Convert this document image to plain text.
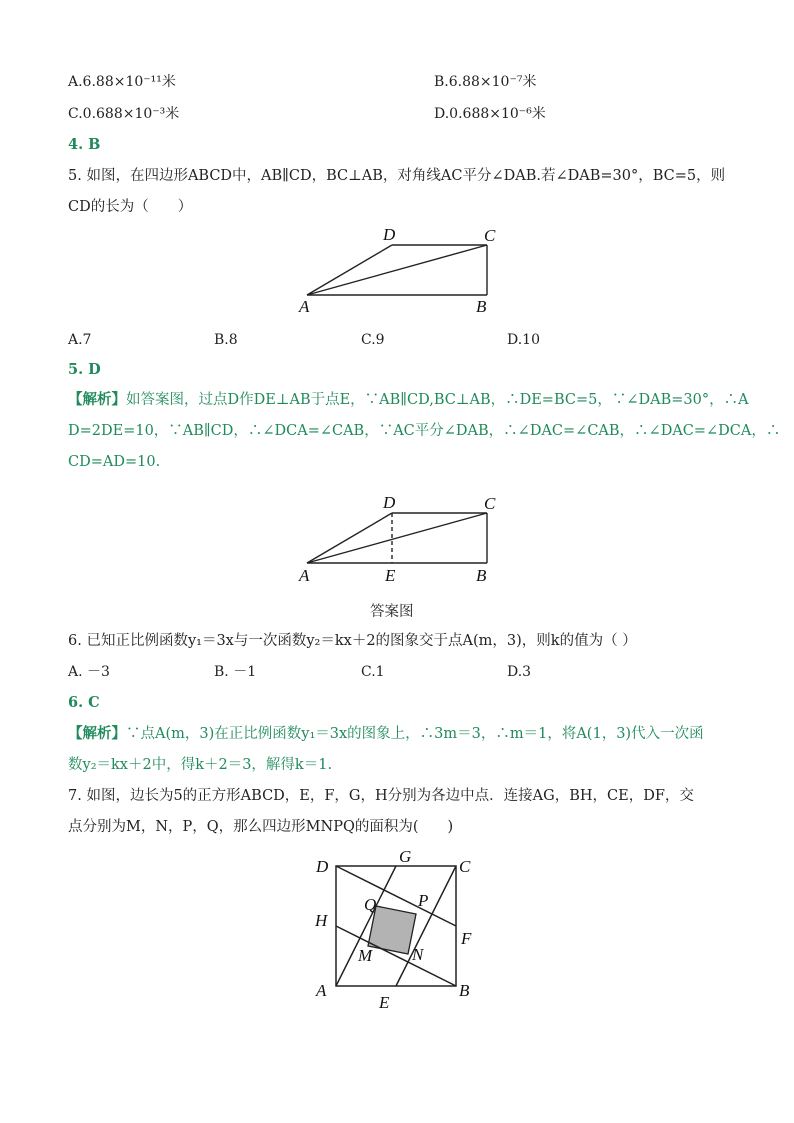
A.6.88×10⁻¹¹米	B.6.88×10⁻⁷米
C.0.688×10⁻³米	D.0.688×10⁻⁶米
4. B
5. 如图，在四边形ABCD中，AB∥CD，BC⊥AB，对角线AC平分∠DAB.若∠DAB=30°，BC=5，则
CD的长为（　　）
A	B
C
D
A.7	B.8	C.9	D.10
5. D
【解析】如答案图，过点D作DE⊥AB于点E，∵AB∥CD,BC⊥AB，∴DE=BC=5，∵∠DAB=30°，∴A
D=2DE=10，∵AB∥CD，∴∠DCA=∠CAB，∵AC平分∠DAB，∴∠DAC=∠CAB，∴∠DAC=∠DCA，∴
CD=AD=10.
A	E	B
C
D
答案图
6. 已知正比例函数y₁＝3x与一次函数y₂＝kx＋2的图象交于点A(m，3)，则k的值为（ ）
A. －3	B. －1	C.1	D.3
6. C
【解析】∵点A(m，3)在正比例函数y₁＝3x的图象上，∴3m＝3，∴m＝1，将A(1，3)代入一次函
数y₂＝kx＋2中，得k＋2＝3，解得k＝1.
7. 如图，边长为5的正方形ABCD，E，F，G，H分别为各边中点．连接AG，BH，CE，DF，交
点分别为M，N，P，Q，那么四边形MNPQ的面积为(　　)
D
G
C
H
F
A	B
E
Q P
M N
